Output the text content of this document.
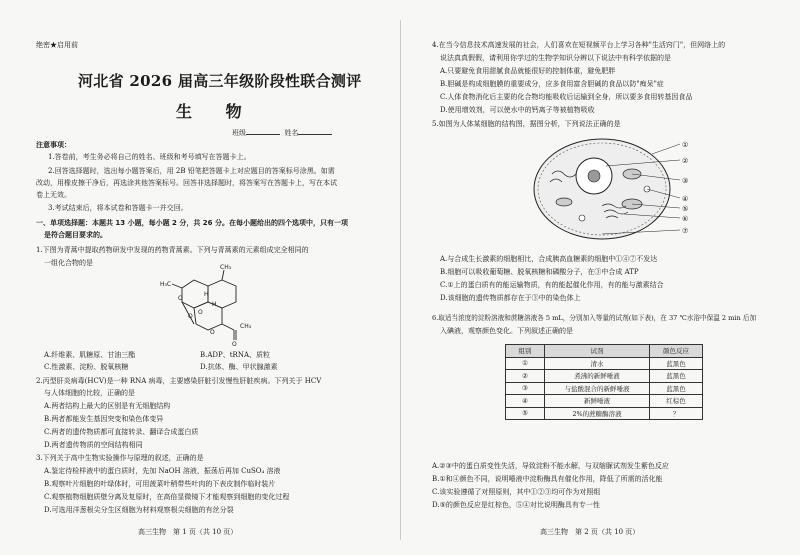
绝密★启用前
河北省 2026 届高三年级阶段性联合测评
生 物
班级	姓名
注意事项：
1.答卷前，考生务必将自己的姓名、班级和考号填写在答题卡上。
2.回答选择题时，选出每小题答案后，用 2B 铅笔把答题卡上对应题目的答案标号涂黑。如需
改动，用橡皮擦干净后，再选涂其他答案标号。回答非选择题时，将答案写在答题卡上，写在本试
卷上无效。
3.考试结束后，将本试卷和答题卡一并交回。
一、单项选择题：本题共 13 小题，每小题 2 分，共 26 分。在每小题给出的四个选项中，只有一项
是符合题目要求的。
1.下图为青蒿中提取药物研发中发现的药物青蒿素。下列与青蒿素的元素组成完全相同的
一组化合物的是
CH₃
O
O
O
O
O
CH₃
H₃C
H
H
A.纤维素、肌糖原、甘油三酯	B.ADP、tRNA、质粒
C.性激素、淀粉、脱氧核糖	D.抗体、酶、甲状腺激素
2.丙型肝炎病毒(HCV)是一种 RNA 病毒，主要感染肝脏引发慢性肝脏疾病。下列关于 HCV
与人体细胞的比较，正确的是
A.两者结构上最大的区别是有无细胞结构
B.两者都能发生基因突变和染色体变异
C.两者的遗传物质都可直接转录、翻译合成蛋白质
D.两者遗传物质的空间结构相同
3.下列关于高中生物实验操作与原理的叙述，正确的是
A.鉴定待检样液中的蛋白质时，先加 NaOH 溶液，振荡后再加 CuSO₄ 溶液
B.观察叶片细胞的叶绿体时，可用菠菜叶稍带些叶肉的下表皮制作临时装片
C.观察植物细胞质壁分离及复原时，在高倍显微镜下才能观察到细胞的变化过程
D.可选用洋葱根尖分生区细胞为材料观察根尖细胞的有丝分裂
高三生物　第 1 页（共 10 页）
4.在当今信息技术高速发展的社会，人们喜欢在短视频平台上学习各种"生活窍门"，但网络上的
说法真真假假，请利用你学过的生物学知识分辨以下说法中有科学依据的是
A.只要避免食用甜腻食品就能很好的控制体重，避免肥胖
B.胆碱是构成细胞膜的重要成分，应多食用富含胆碱的食品以防"痴呆"症
C.人体食物消化后主要的化合物均能吸收后运输到全身，所以要多食用转基因食品
D.使用增效剂，可以使水中的钙离子等被植物吸收
5.如图为人体某细胞的结构图，据图分析，下列说法正确的是
①
②
③
④
⑤
⑥
⑦
A.与合成生长激素的细胞相比，合成胰高血糖素的细胞中①④⑦不发达
B.细胞可以吸收葡萄糖、脱氧核糖和磷酸分子，在③中合成 ATP
C.①上的蛋白质有的能运输物质，有的能起催化作用，有的能与激素结合
D.该细胞的遗传物质都存在于③中的染色体上
6.取适当浓度的淀粉溶液和蔗糖溶液各 5 mL，分别加入等量的试剂(如下表)，在 37 ℃水浴中保温 2 min 后加
入碘液，观察颜色变化。下列叙述正确的是
组别	试剂	颜色反应
①	清水	蓝黑色
②	煮沸的新鲜唾液	蓝黑色
③	与盐酸混合的新鲜唾液	蓝黑色
④	新鲜唾液	红棕色
⑤	2%的蔗糖酶溶液	？
A.②③中的蛋白质变性失活，导致淀粉不能水解，与双缩脲试剂发生紫色反应
B.①和④颜色不同，说明唾液中淀粉酶具有催化作用，降低了所需的活化能
C.该实验遵循了对照原则，其中①②③均可作为对照组
D.⑤的颜色反应是红棕色，⑤④对比说明酶具有专一性
高三生物　第 2 页（共 10 页）
